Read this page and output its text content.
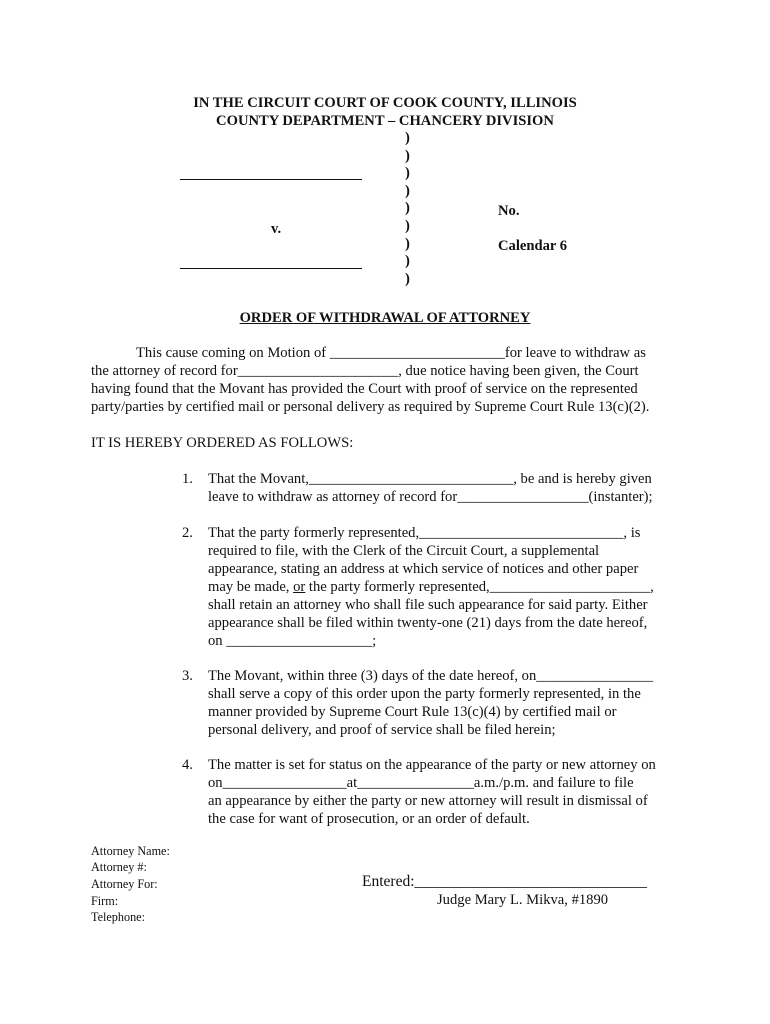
IN THE CIRCUIT COURT OF COOK COUNTY, ILLINOIS
COUNTY DEPARTMENT – CHANCERY DIVISION
)
)
)
)
)
)
)
)
)
v.
No.
Calendar 6
ORDER OF WITHDRAWAL OF ATTORNEY
This cause coming on Motion of ________________________for leave to withdraw as
the attorney of record for______________________, due notice having been given, the Court
having found that the Movant has provided the Court with proof of service on the represented
party/parties by certified mail or personal delivery as required by Supreme Court Rule 13(c)(2).
IT IS HEREBY ORDERED AS FOLLOWS:
1. That the Movant,____________________________, be and is hereby given
leave to withdraw as attorney of record for__________________(instanter);
2. That the party formerly represented,____________________________, is
required to file, with the Clerk of the Circuit Court, a supplemental
appearance, stating an address at which service of notices and other paper
may be made, or the party formerly represented,______________________,
shall retain an attorney who shall file such appearance for said party. Either
appearance shall be filed within twenty-one (21) days from the date hereof,
on ____________________;
3. The Movant, within three (3) days of the date hereof, on________________
shall serve a copy of this order upon the party formerly represented, in the
manner provided by Supreme Court Rule 13(c)(4) by certified mail or
personal delivery, and proof of service shall be filed herein;
4. The matter is set for status on the appearance of the party or new attorney on
on_________________at________________a.m./p.m. and failure to file
an appearance by either the party or new attorney will result in dismissal of
the case for want of prosecution, or an order of default.
Attorney Name:
Attorney #:
Attorney For:
Firm:
Telephone:
Entered:______________________________
Judge Mary L. Mikva, #1890
